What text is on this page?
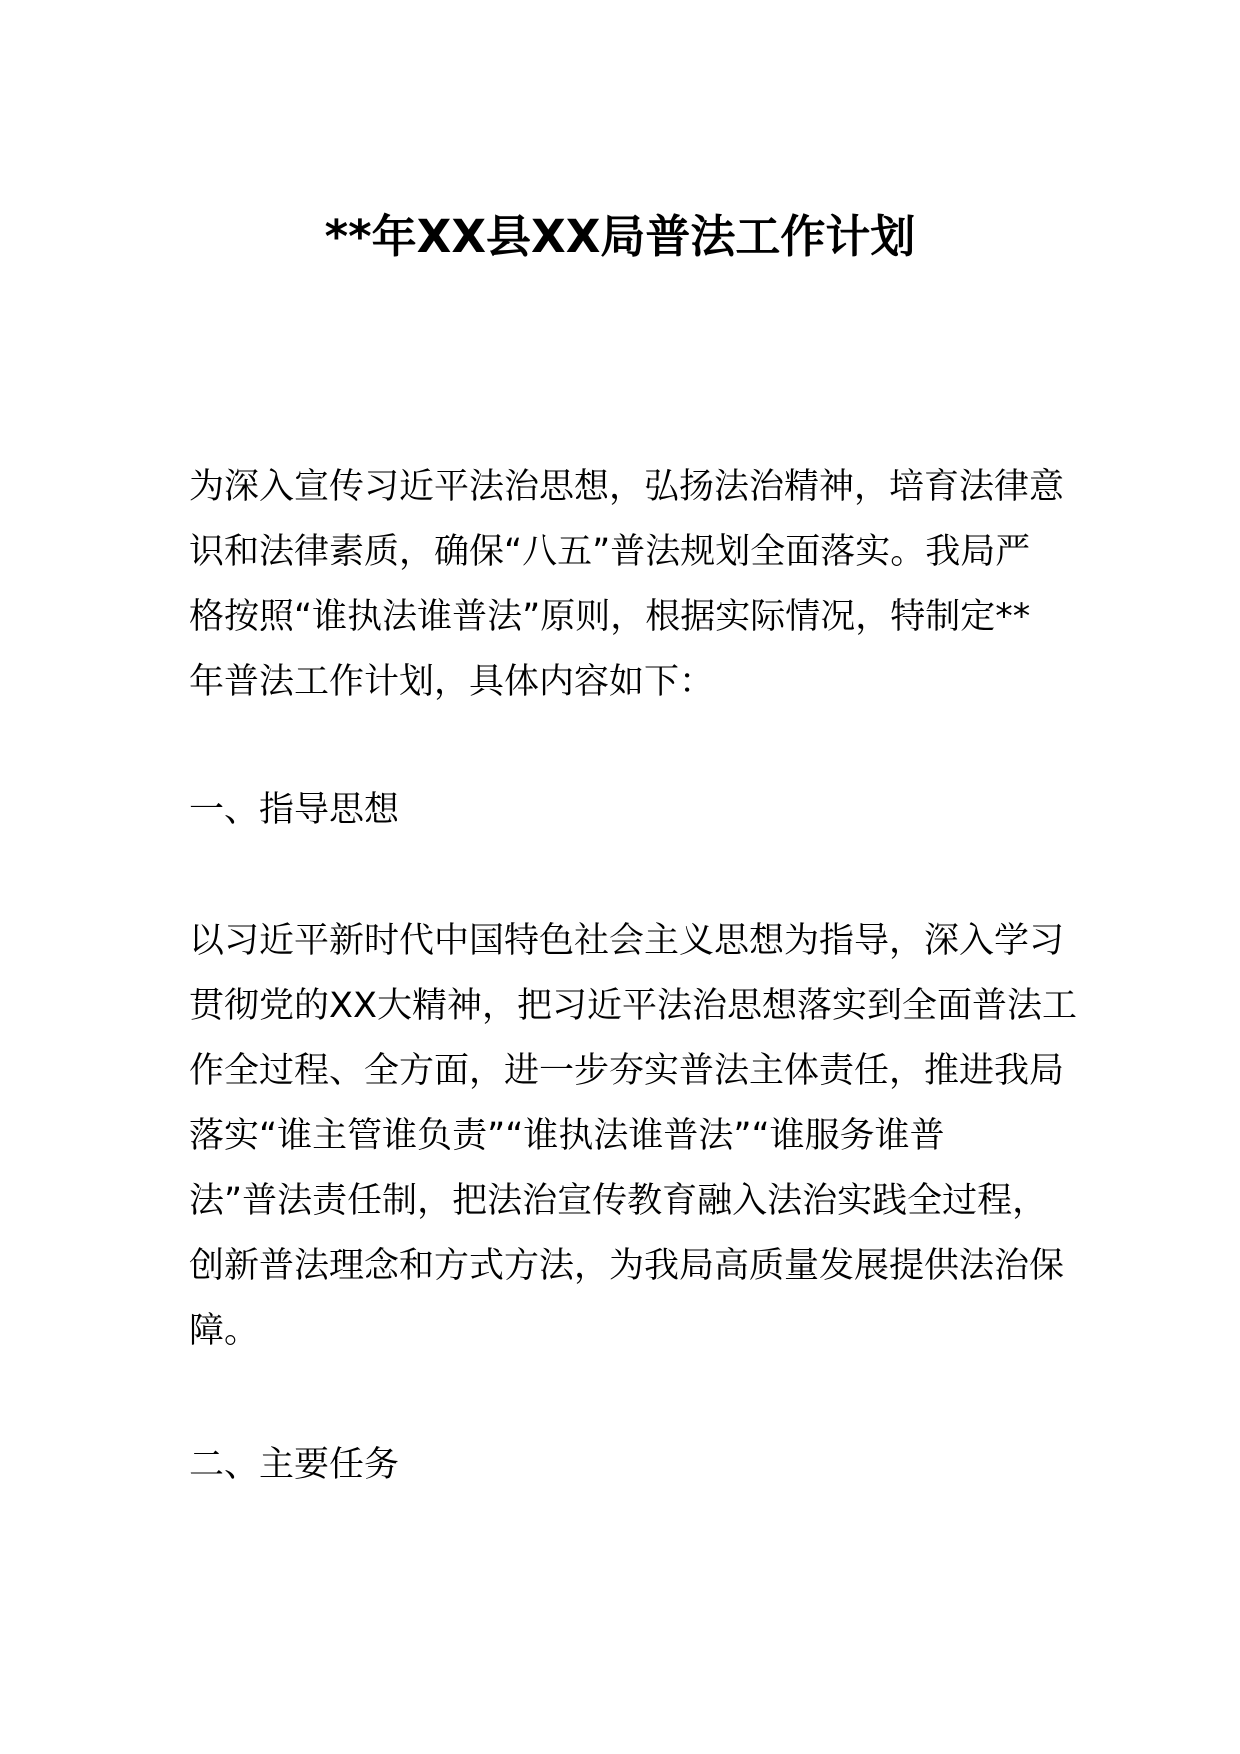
**年XX县XX局普法工作计划
为深入宣传习近平法治思想，弘扬法治精神，培育法律意
识和法律素质，确保“八五”普法规划全面落实。我局严
格按照“谁执法谁普法”原则，根据实际情况，特制定**
年普法工作计划，具体内容如下：
一、指导思想
以习近平新时代中国特色社会主义思想为指导，深入学习
贯彻党的XX大精神，把习近平法治思想落实到全面普法工
作全过程、全方面，进一步夯实普法主体责任，推进我局
落实“谁主管谁负责”“谁执法谁普法”“谁服务谁普
法”普法责任制，把法治宣传教育融入法治实践全过程，
创新普法理念和方式方法，为我局高质量发展提供法治保
障。
二、主要任务
